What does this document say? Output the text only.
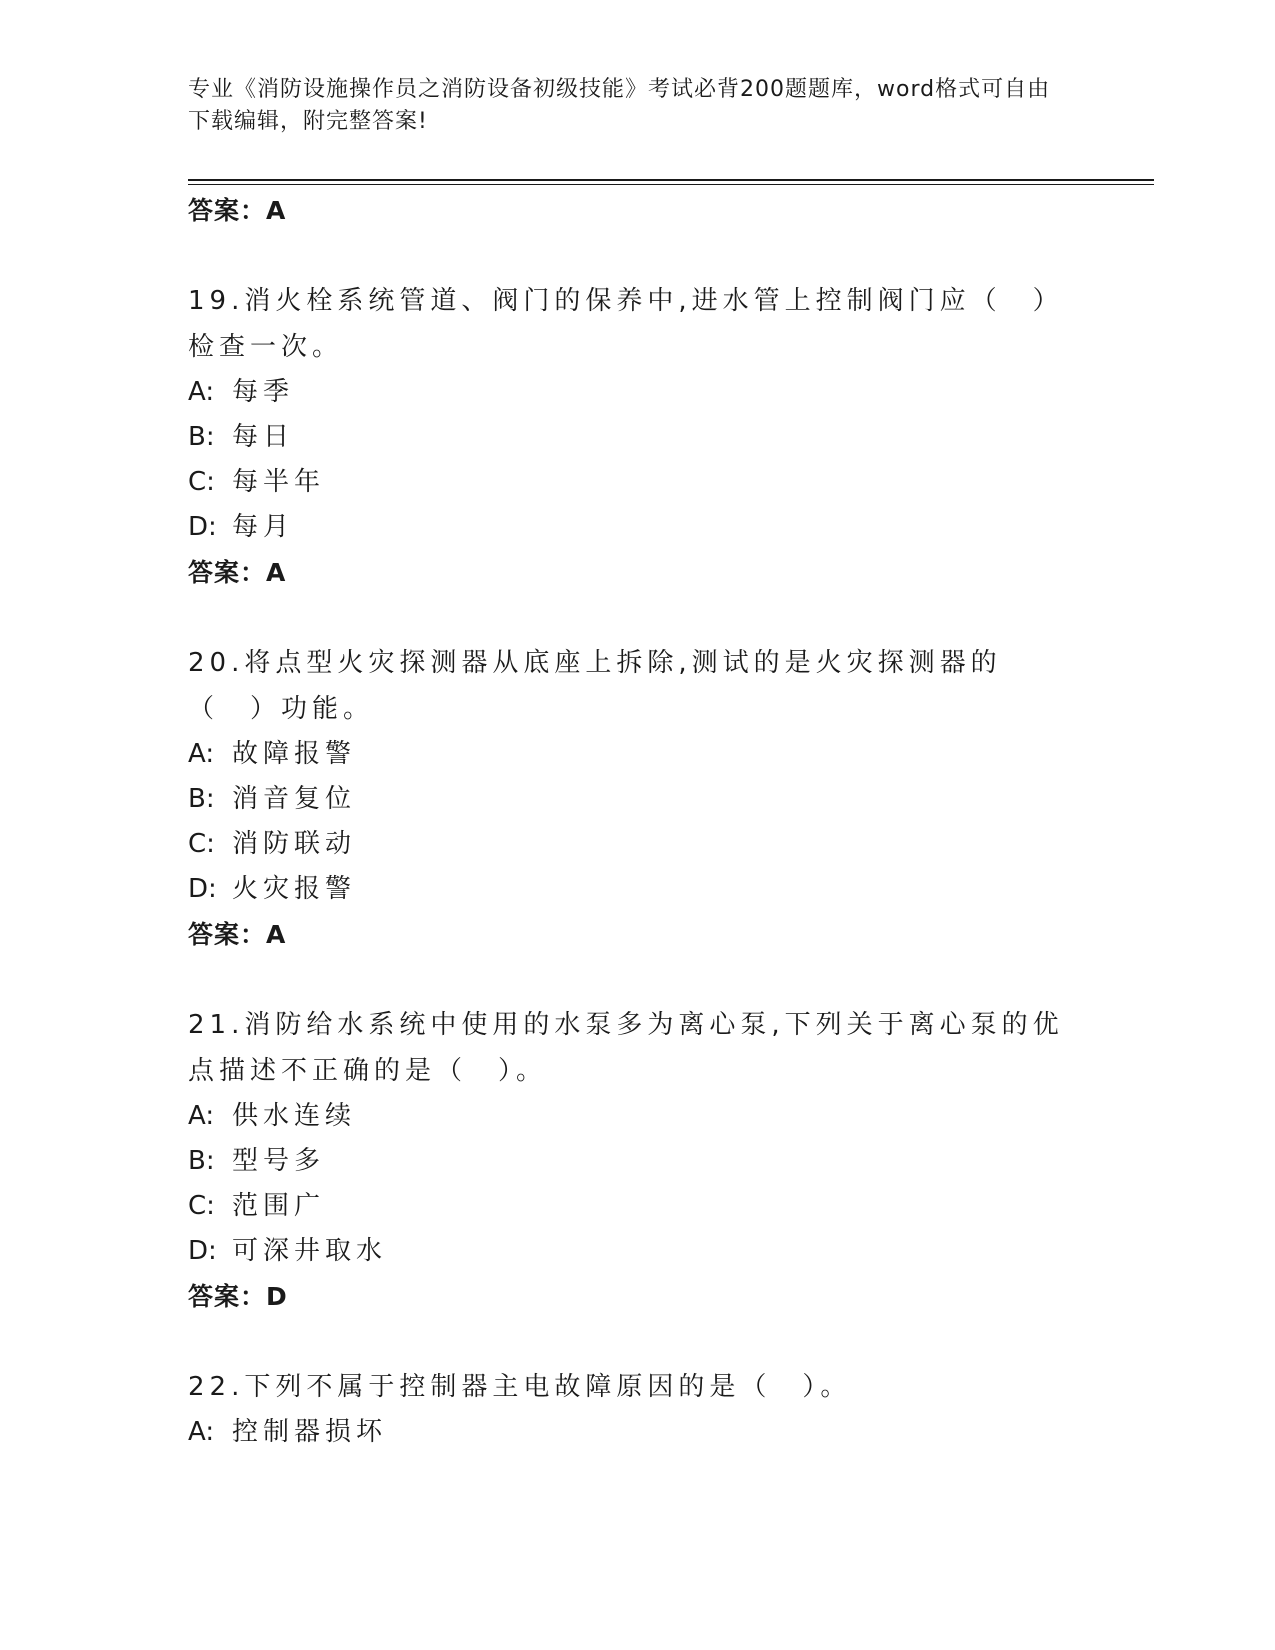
专业《消防设施操作员之消防设备初级技能》考试必背200题题库，word格式可自由下载编辑，附完整答案!
答案：A
19.消火栓系统管道、阀门的保养中,进水管上控制阀门应（　）检查一次。
A: 每季
B: 每日
C: 每半年
D: 每月
答案：A
20.将点型火灾探测器从底座上拆除,测试的是火灾探测器的（　）功能。
A: 故障报警
B: 消音复位
C: 消防联动
D: 火灾报警
答案：A
21.消防给水系统中使用的水泵多为离心泵,下列关于离心泵的优点描述不正确的是（　）。
A: 供水连续
B: 型号多
C: 范围广
D: 可深井取水
答案：D
22.下列不属于控制器主电故障原因的是（　）。
A: 控制器损坏
